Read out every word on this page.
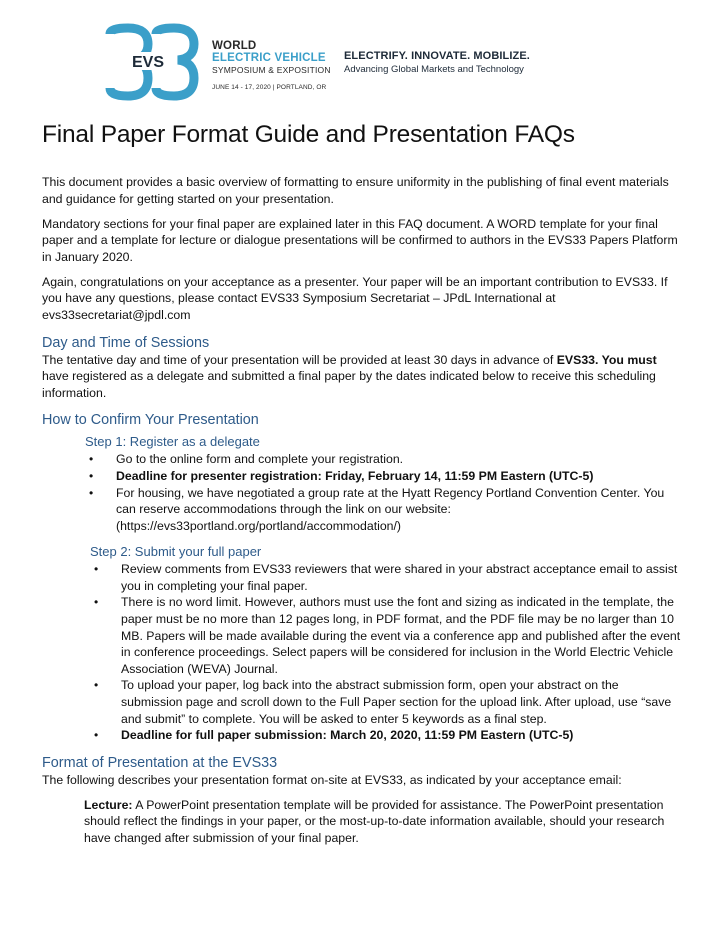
EVS
WORLD
ELECTRIC VEHICLE
SYMPOSIUM & EXPOSITION
JUNE 14 - 17, 2020 | PORTLAND, OR
ELECTRIFY. INNOVATE. MOBILIZE.
Advancing Global Markets and Technology
Final Paper Format Guide and Presentation FAQs

This document provides a basic overview of formatting to ensure uniformity in the publishing of final event materials and guidance for getting started on your presentation.

Mandatory sections for your final paper are explained later in this FAQ document. A WORD template for your final paper and a template for lecture or dialogue presentations will be confirmed to authors in the EVS33 Papers Platform in January 2020.

Again, congratulations on your acceptance as a presenter. Your paper will be an important contribution to EVS33. If you have any questions, please contact EVS33 Symposium Secretariat – JPdL International at evs33secretariat@jpdl.com

Day and Time of Sessions

The tentative day and time of your presentation will be provided at least 30 days in advance of EVS33. You must have registered as a delegate and submitted a final paper by the dates indicated below to receive this scheduling information.

How to Confirm Your Presentation
Step 1: Register as a delegate
• Go to the online form and complete your registration.
• Deadline for presenter registration: Friday, February 14, 11:59 PM Eastern (UTC-5)
• For housing, we have negotiated a group rate at the Hyatt Regency Portland Convention Center. You can reserve accommodations through the link on our website: (https://evs33portland.org/portland/accommodation/)
Step 2: Submit your full paper
• Review comments from EVS33 reviewers that were shared in your abstract acceptance email to assist you in completing your final paper.
• There is no word limit. However, authors must use the font and sizing as indicated in the template, the paper must be no more than 12 pages long, in PDF format, and the PDF file may be no larger than 10 MB. Papers will be made available during the event via a conference app and published after the event in conference proceedings. Select papers will be considered for inclusion in the World Electric Vehicle Association (WEVA) Journal.
• To upload your paper, log back into the abstract submission form, open your abstract on the submission page and scroll down to the Full Paper section for the upload link. After upload, use “save and submit” to complete. You will be asked to enter 5 keywords as a final step.
• Deadline for full paper submission: March 20, 2020, 11:59 PM Eastern (UTC-5)
Format of Presentation at the EVS33

The following describes your presentation format on-site at EVS33, as indicated by your acceptance email:

Lecture: A PowerPoint presentation template will be provided for assistance. The PowerPoint presentation should reflect the findings in your paper, or the most-up-to-date information available, should your research have changed after submission of your final paper.
